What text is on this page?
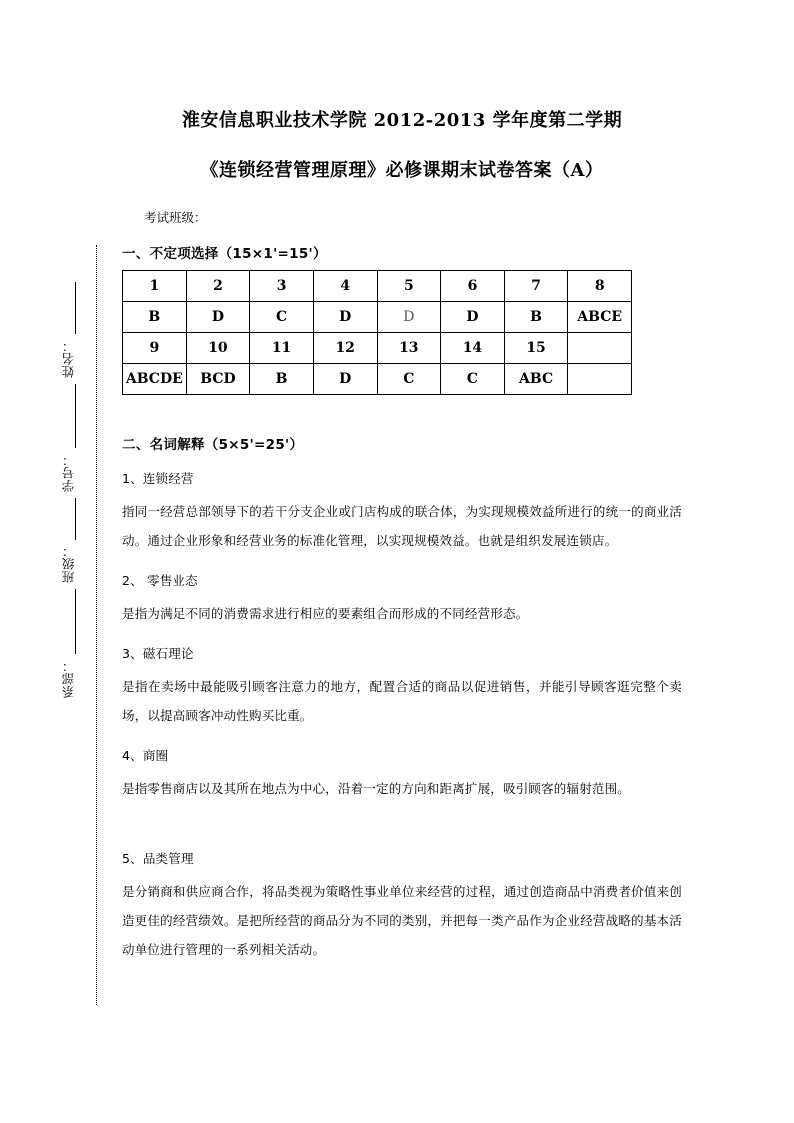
姓名：
学号：
班级：
系部：
淮安信息职业技术学院 2012-2013 学年度第二学期
《连锁经营管理原理》必修课期末试卷答案（A）
考试班级：
一、不定项选择（15×1'=15'）
1	2	3	4	5	6	7	8
B	D	C	D	D	D	B	ABCE
9	10	11	12	13	14	15	
ABCDE	BCD	B	D	C	C	ABC	
二、名词解释（5×5'=25'）
1、连锁经营
指同一经营总部领导下的若干分支企业或门店构成的联合体，为实现规模效益所进行的统一的商业活动。通过企业形象和经营业务的标准化管理，以实现规模效益。也就是组织发展连锁店。
2、 零售业态
是指为满足不同的消费需求进行相应的要素组合而形成的不同经营形态。
3、磁石理论
是指在卖场中最能吸引顾客注意力的地方，配置合适的商品以促进销售，并能引导顾客逛完整个卖场，以提高顾客冲动性购买比重。
4、商圈
是指零售商店以及其所在地点为中心，沿着一定的方向和距离扩展，吸引顾客的辐射范围。
5、品类管理
是分销商和供应商合作，将品类视为策略性事业单位来经营的过程，通过创造商品中消费者价值来创造更佳的经营绩效。是把所经营的商品分为不同的类别，并把每一类产品作为企业经营战略的基本活动单位进行管理的一系列相关活动。
